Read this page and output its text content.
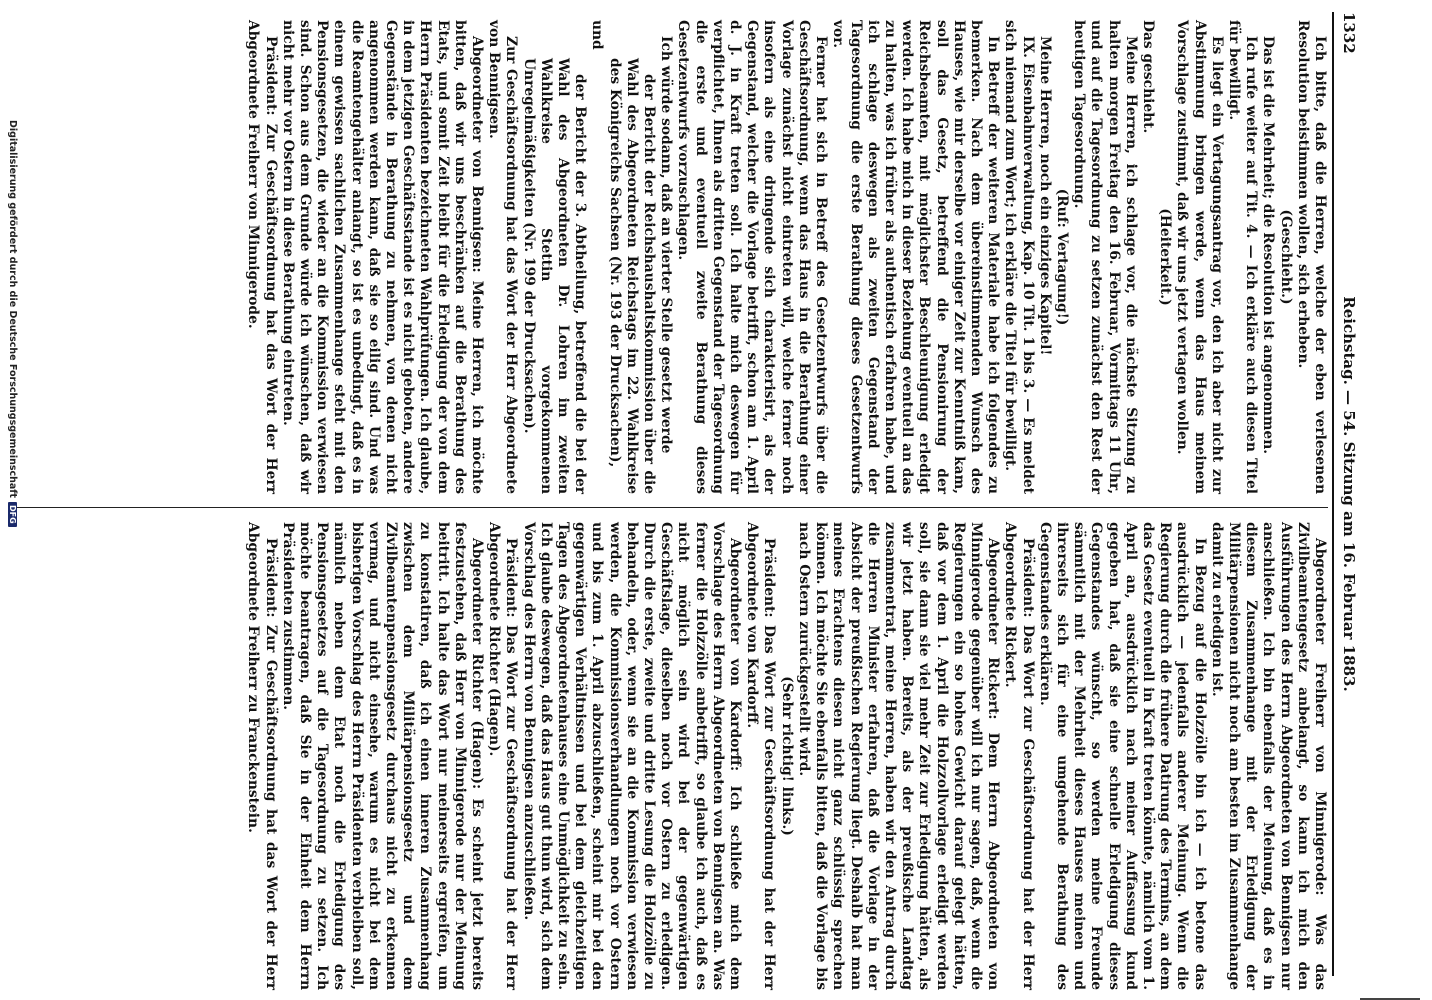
1332
Reichstag. — 54. Sitzung am 16. Februar 1883.

Ich bitte, daß die Herren, welche der eben verlesenen Resolution beistimmen wollen, sich erheben.

(Geschieht.)

Das ist die Mehrheit; die Resolution ist angenommen.

Ich rufe weiter auf Tit. 4. — Ich erkläre auch diesen Titel für bewilligt.

Es liegt ein Vertagungsantrag vor, den ich aber nicht zur Abstimmung bringen werde, wenn das Haus meinem Vorschlage zustimmt, daß wir uns jetzt vertagen wollen.

(Heiterkeit.)

Das geschieht.

Meine Herren, ich schlage vor, die nächste Sitzung zu halten morgen Freitag den 16. Februar, Vormittags 11 Uhr, und auf die Tagesordnung zu setzen zunächst den Rest der heutigen Tagesordnung.

(Ruf: Vertagung!)

Meine Herren, noch ein einziges Kapitel!

IX. Eisenbahnverwaltung, Kap. 10 Tit. 1 bis 3. — Es meldet sich niemand zum Wort; ich erkläre die Titel für bewilligt.

In Betreff der weiteren Materiale habe ich folgendes zu bemerken. Nach dem übereinstimmenden Wunsch des Hauses, wie mir derselbe vor einiger Zeit zur Kenntniß kam, soll das Gesetz, betreffend die Pensionirung der Reichsbeamten, mit möglichster Beschleunigung erledigt werden. Ich habe mich in dieser Beziehung eventuell an das zu halten, was ich früher als authentisch erfahren habe, und ich schlage deswegen als zweiten Gegenstand der Tagesordnung die erste Berathung dieses Gesetzentwurfs vor.

Ferner hat sich in Betreff des Gesetzentwurfs über die Geschäftsordnung, wenn das Haus in die Berathung einer Vorlage zunächst nicht eintreten will, welche ferner noch insofern als eine dringende sich charakterisirt, als der Gegenstand, welcher die Vorlage betrifft, schon am 1. April d. J. in Kraft treten soll. Ich halte mich deswegen für verpflichtet, Ihnen als dritten Gegenstand der Tagesordnung die erste und eventuell zweite Berathung dieses Gesetzentwurfs vorzuschlagen.

Ich würde sodann, daß an vierter Stelle gesetzt werde

der Bericht der Reichshaushaltskommission über die Wahl des Abgeordneten Reichstags im 22. Wahlkreise des Königreichs Sachsen (Nr. 193 der Drucksachen),

und

der Bericht der 3. Abtheilung, betreffend die bei der Wahl des Abgeordneten Dr. Lohren im zweiten Wahlkreise Stettin vorgekommenen Unregelmäßigkeiten (Nr. 199 der Drucksachen).

Zur Geschäftsordnung hat das Wort der Herr Abgeordnete von Bennigsen.

Abgeordneter von Bennigsen: Meine Herren, ich möchte bitten, daß wir uns beschränken auf die Berathung des Etats, und somit Zeit bleibt für die Erledigung der von dem Herrn Präsidenten bezeichneten Wahlprüfungen. Ich glaube, in dem jetzigen Geschäftsstande ist es nicht geboten, andere Gegenstände in Berathung zu nehmen, von denen nicht angenommen werden kann, daß sie so eilig sind. Und was die Reamtengehälter anlangt, so ist es unbedingt, daß es in einem gewissen sachlichen Zusammenhange steht mit den Pensionsgesetzen, die wieder an die Kommission verwiesen sind. Schon aus dem Grunde würde ich wünschen, daß wir nicht mehr vor Ostern in diese Berathung eintreten.

Präsident: Zur Geschäftsordnung hat das Wort der Herr Abgeordnete Freiherr von Minnigerode.

Abgeordneter Freiherr von Minnigerode: Was das Zivilbeamtengesetz anbelangt, so kann ich mich den Ausführungen des Herrn Abgeordneten von Bennigsen nur anschließen. Ich bin ebenfalls der Meinung, daß es in diesem Zusammenhange mit der Erledigung der Militärpensionen nicht noch am besten im Zusammenhange damit zu erledigen ist.

In Bezug auf die Holzzölle bin ich — ich betone das ausdrücklich — jedenfalls anderer Meinung. Wenn die Regierung durch die frühere Datirung des Termins, an dem das Gesetz eventuell in Kraft treten könnte, nämlich vom 1. April an, ausdrücklich nach meiner Auffassung kund gegeben hat, daß sie eine schnelle Erledigung dieses Gegenstandes wünscht, so werden meine Freunde sämmtlich mit der Mehrheit dieses Hauses meinen und ihrerseits sich für eine umgehende Berathung des Gegenstandes erklären.

Präsident: Das Wort zur Geschäftsordnung hat der Herr Abgeordnete Rickert.

Abgeordneter Rickert: Dem Herrn Abgeordneten von Minnigerode gegenüber will ich nur sagen, daß, wenn die Regierungen ein so hohes Gewicht darauf gelegt hätten, daß vor dem 1. April die Holzzollvorlage erledigt werden soll, sie dann sie viel mehr Zeit zur Erledigung hätten, als wir jetzt haben. Bereits, als der preußische Landtag zusammentrat, meine Herren, haben wir den Antrag durch die Herren Minister erfahren, daß die Vorlage in der Absicht der preußischen Regierung liegt. Deshalb hat man meines Erachtens diesen nicht ganz schlüssig sprechen können. Ich möchte Sie ebenfalls bitten, daß die Vorlage bis nach Ostern zurückgestellt wird.

(Sehr richtig! links.)

Präsident: Das Wort zur Geschäftsordnung hat der Herr Abgeordnete von Kardorff.

Abgeordneter von Kardorff: Ich schließe mich dem Vorschlage des Herrn Abgeordneten von Bennigsen an. Was ferner die Holzzölle anbetrifft, so glaube ich auch, daß es nicht möglich sein wird bei der gegenwärtigen Geschäftslage, dieselben noch vor Ostern zu erledigen. Durch die erste, zweite und dritte Lesung die Holzzölle zu behandeln, oder, wenn sie an die Kommission verwiesen werden, die Kommissionsverhandlungen noch vor Ostern und bis zum 1. April abzuschließen, scheint mir bei den gegenwärtigen Verhältnissen und bei dem gleichzeitigen Tagen des Abgeordnetenhauses eine Unmöglichkeit zu sein. Ich glaube deswegen, daß das Haus gut thun wird, sich dem Vorschlag des Herrn von Bennigsen anzuschließen.

Präsident: Das Wort zur Geschäftsordnung hat der Herr Abgeordnete Richter (Hagen).

Abgeordneter Richter (Hagen): Es scheint jetzt bereits festzustehen, daß Herr von Minnigerode nur der Meinung beitritt. Ich halte das Wort nur meinerseits ergreifen, um zu konstatiren, daß ich einen inneren Zusammenhang zwischen dem Militärpensionsgesetz und dem Zivilbeamtenpensionsgesetz durchaus nicht zu erkennen vermag, und nicht einsehe, warum es nicht bei dem bisherigen Vorschlag des Herrn Präsidenten verbleiben soll, nämlich neben dem Etat noch die Erledigung des Pensionsgesetzes auf die Tagesordnung zu setzen. Ich möchte beantragen, daß Sie in der Einheit dem Herrn Präsidenten zustimmen.

Präsident: Zur Geschäftsordnung hat das Wort der Herr Abgeordnete Freiherr zu Franckenstein.

Digitalisierung gefördert durch die Deutsche ForschungsgemeinschaftDFG
